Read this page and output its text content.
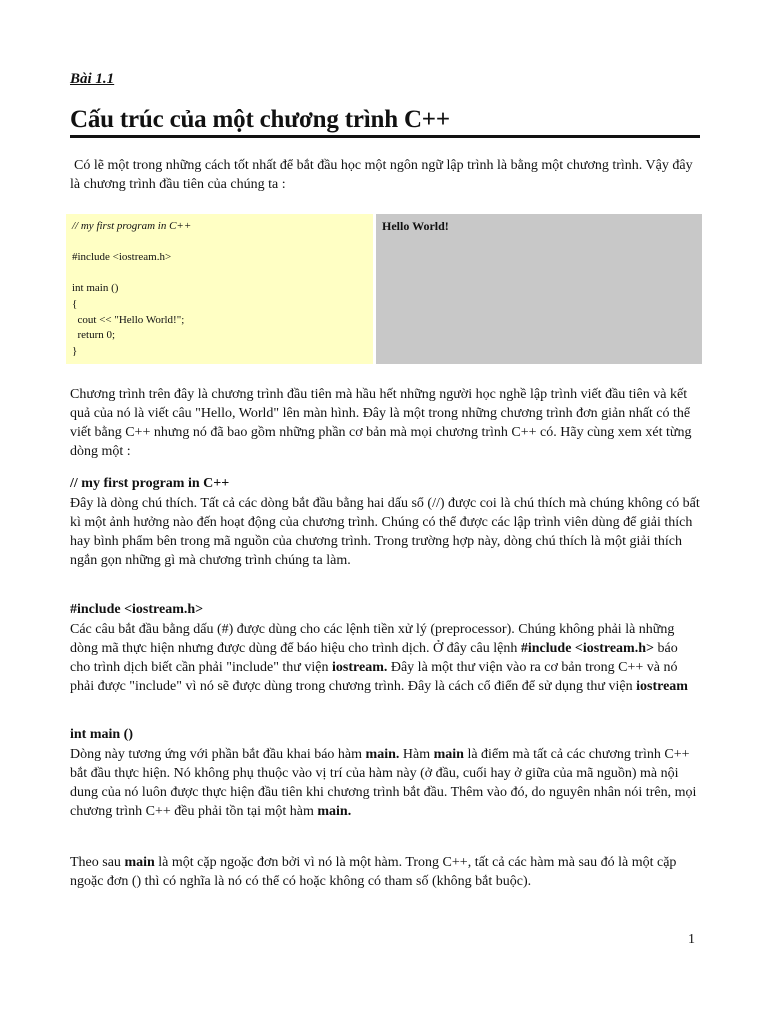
Bài 1.1
Cấu trúc của một chương trình C++

Có lẽ một trong những cách tốt nhất để bắt đầu học một ngôn ngữ lập trình là bằng một chương trình. Vậy đây là chương trình đầu tiên của chúng ta :

// my first program in C++

#include <iostream.h>

int main ()
{
cout << "Hello World!";
return 0;
}
Hello World!

Chương trình trên đây là chương trình đầu tiên mà hầu hết những người học nghề lập trình viết đầu tiên và kết quả của nó là viết câu "Hello, World" lên màn hình. Đây là một trong những chương trình đơn giản nhất có thể viết bằng C++ nhưng nó đã bao gồm những phần cơ bản mà mọi chương trình C++ có. Hãy cùng xem xét từng dòng một :

// my first program in C++

Đây là dòng chú thích. Tất cả các dòng bắt đầu bằng hai dấu sổ (//) được coi là chú thích mà chúng không có bất kì một ảnh hưởng nào đến hoạt động của chương trình. Chúng có thể được các lập trình viên dùng để giải thích hay bình phẩm bên trong mã nguồn của chương trình. Trong trường hợp này, dòng chú thích là một giải thích ngắn gọn những gì mà chương trình chúng ta làm.

#include <iostream.h>

Các câu bắt đầu bằng dấu (#) được dùng cho các lệnh tiền xử lý (preprocessor). Chúng không phải là những dòng mã thực hiện nhưng được dùng để báo hiệu cho trình dịch. Ở đây câu lệnh #include <iostream.h> báo cho trình dịch biết cần phải "include" thư viện iostream. Đây là một thư viện vào ra cơ bản trong C++ và nó phải được "include" vì nó sẽ được dùng trong chương trình. Đây là cách cổ điển để sử dụng thư viện iostream

int main ()

Dòng này tương ứng với phần bắt đầu khai báo hàm main. Hàm main là điểm mà tất cả các chương trình C++ bắt đầu thực hiện. Nó không phụ thuộc vào vị trí của hàm này (ở đầu, cuối hay ở giữa của mã nguồn) mà nội dung của nó luôn được thực hiện đầu tiên khi chương trình bắt đầu. Thêm vào đó, do nguyên nhân nói trên, mọi chương trình C++ đều phải tồn tại một hàm main.

Theo sau main là một cặp ngoặc đơn bởi vì nó là một hàm. Trong C++, tất cả các hàm mà sau đó là một cặp ngoặc đơn () thì có nghĩa là nó có thể có hoặc không có tham số (không bắt buộc).

1
